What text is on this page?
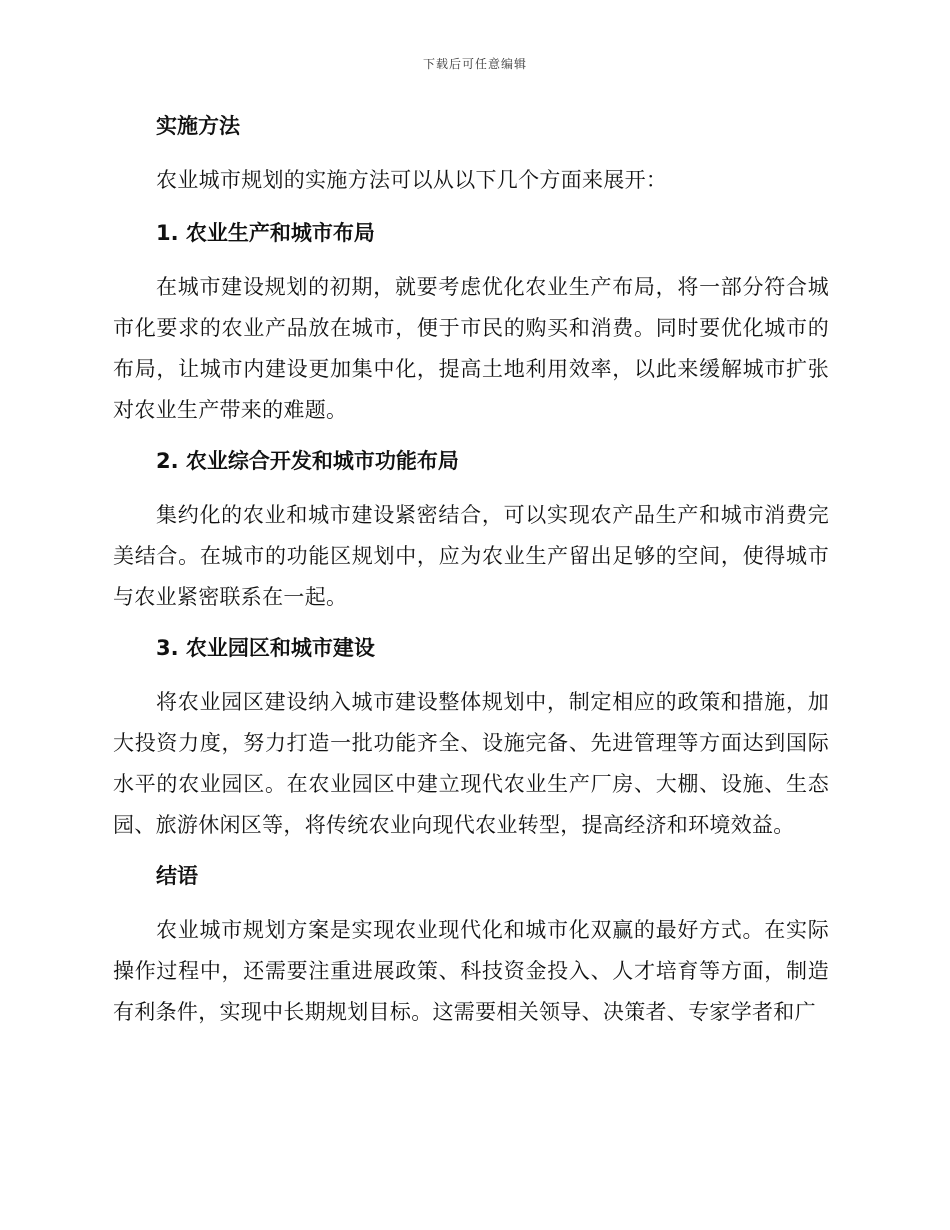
下载后可任意编辑
实施方法

农业城市规划的实施方法可以从以下几个方面来展开：

1. 农业生产和城市布局

在城市建设规划的初期，就要考虑优化农业生产布局，将一部分符合城市化要求的农业产品放在城市，便于市民的购买和消费。同时要优化城市的布局，让城市内建设更加集中化，提高土地利用效率，以此来缓解城市扩张对农业生产带来的难题。

2. 农业综合开发和城市功能布局

集约化的农业和城市建设紧密结合，可以实现农产品生产和城市消费完美结合。在城市的功能区规划中，应为农业生产留出足够的空间，使得城市与农业紧密联系在一起。

3. 农业园区和城市建设

将农业园区建设纳入城市建设整体规划中，制定相应的政策和措施，加大投资力度，努力打造一批功能齐全、设施完备、先进管理等方面达到国际水平的农业园区。在农业园区中建立现代农业生产厂房、大棚、设施、生态园、旅游休闲区等，将传统农业向现代农业转型，提高经济和环境效益。

结语

农业城市规划方案是实现农业现代化和城市化双赢的最好方式。在实际操作过程中，还需要注重进展政策、科技资金投入、人才培育等方面，制造有利条件，实现中长期规划目标。这需要相关领导、决策者、专家学者和广
